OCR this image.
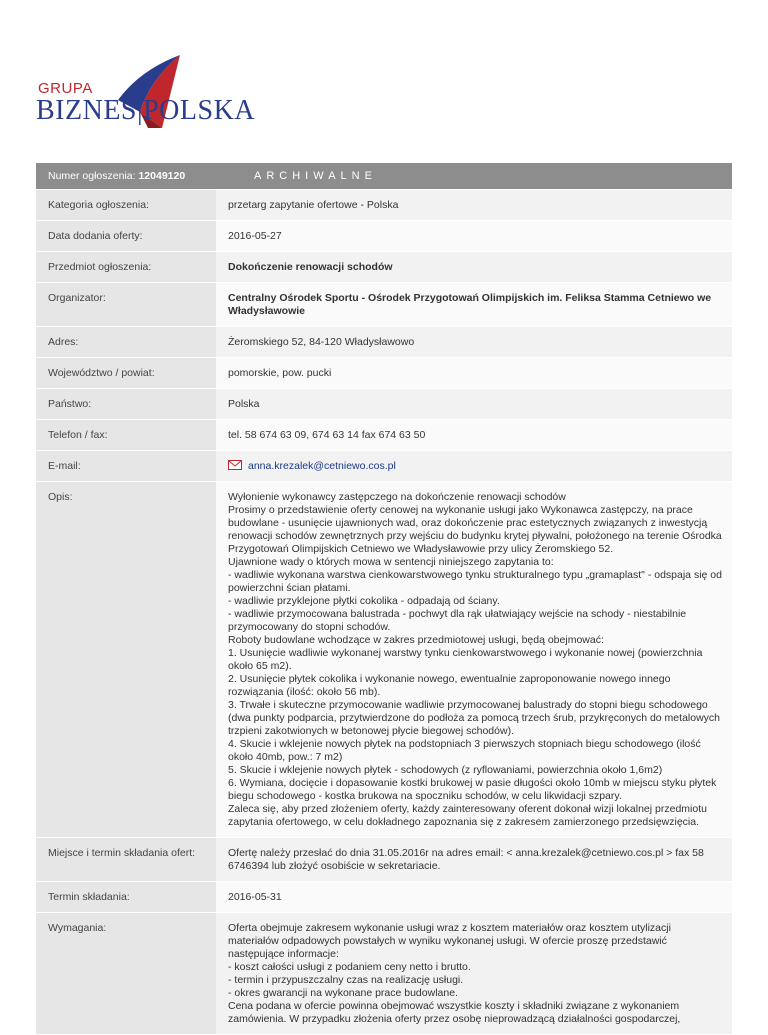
GRUPA
BIZNES|POLSKA
Numer ogłoszenia: 12049120	ARCHIWALNE
Kategoria ogłoszenia:	przetarg zapytanie ofertowe - Polska
Data dodania oferty:	2016-05-27
Przedmiot ogłoszenia:	Dokończenie renowacji schodów
Organizator:	Centralny Ośrodek Sportu - Ośrodek Przygotowań Olimpijskich im. Feliksa Stamma Cetniewo we Władysławowie
Adres:	Żeromskiego 52, 84-120 Władysławowo
Województwo / powiat:	pomorskie, pow. pucki
Państwo:	Polska
Telefon / fax:	tel. 58 674 63 09, 674 63 14 fax 674 63 50
E-mail:	anna.krezalek@cetniewo.cos.pl
Opis:	Wyłonienie wykonawcy zastępczego na dokończenie renowacji schodów
Prosimy o przedstawienie oferty cenowej na wykonanie usługi jako Wykonawca zastępczy, na prace budowlane - usunięcie ujawnionych wad, oraz dokończenie prac estetycznych związanych z inwestycją renowacji schodów zewnętrznych przy wejściu do budynku krytej pływalni, położonego na terenie Ośrodka Przygotowań Olimpijskich Cetniewo we Władysławowie przy ulicy Żeromskiego 52.
Ujawnione wady o których mowa w sentencji niniejszego zapytania to:
- wadliwie wykonana warstwa cienkowarstwowego tynku strukturalnego typu „gramaplast" - odspaja się od powierzchni ścian płatami.
- wadliwie przyklejone płytki cokolika - odpadają od ściany.
- wadliwie przymocowana balustrada - pochwyt dla rąk ułatwiający wejście na schody - niestabilnie przymocowany do stopni schodów.
Roboty budowlane wchodzące w zakres przedmiotowej usługi, będą obejmować:
1. Usunięcie wadliwie wykonanej warstwy tynku cienkowarstwowego i wykonanie nowej (powierzchnia około 65 m2).
2. Usunięcie płytek cokolika i wykonanie nowego, ewentualnie zaproponowanie nowego innego rozwiązania (ilość: około 56 mb).
3. Trwałe i skuteczne przymocowanie wadliwie przymocowanej balustrady do stopni biegu schodowego (dwa punkty podparcia, przytwierdzone do podłoża za pomocą trzech śrub, przykręconych do metalowych trzpieni zakotwionych w betonowej płycie biegowej schodów).
4. Skucie i wklejenie nowych płytek na podstopniach 3 pierwszych stopniach biegu schodowego (ilość około 40mb, pow.: 7 m2)
5. Skucie i wklejenie nowych płytek - schodowych (z ryflowaniami, powierzchnia około 1,6m2)
6. Wymiana, docięcie i dopasowanie kostki brukowej w pasie długości około 10mb w miejscu styku płytek biegu schodowego - kostka brukowa na spoczniku schodów, w celu likwidacji szpary.
Zaleca się, aby przed złożeniem oferty, każdy zainteresowany oferent dokonał wizji lokalnej przedmiotu zapytania ofertowego, w celu dokładnego zapoznania się z zakresem zamierzonego przedsięwzięcia.
Miejsce i termin składania ofert:	Ofertę należy przesłać do dnia 31.05.2016r na adres email: < anna.krezalek@cetniewo.cos.pl > fax 58 6746394 lub złożyć osobiście w sekretariacie.
Termin składania:	2016-05-31
Wymagania:	Oferta obejmuje zakresem wykonanie usługi wraz z kosztem materiałów oraz kosztem utylizacji materiałów odpadowych powstałych w wyniku wykonanej usługi. W ofercie proszę przedstawić następujące informacje:
- koszt całości usługi z podaniem ceny netto i brutto.
- termin i przypuszczalny czas na realizację usługi.
- okres gwarancji na wykonane prace budowlane.
Cena podana w ofercie powinna obejmować wszystkie koszty i składniki związane z wykonaniem zamówienia. W przypadku złożenia oferty przez osobę nieprowadzącą działalności gospodarczej,
